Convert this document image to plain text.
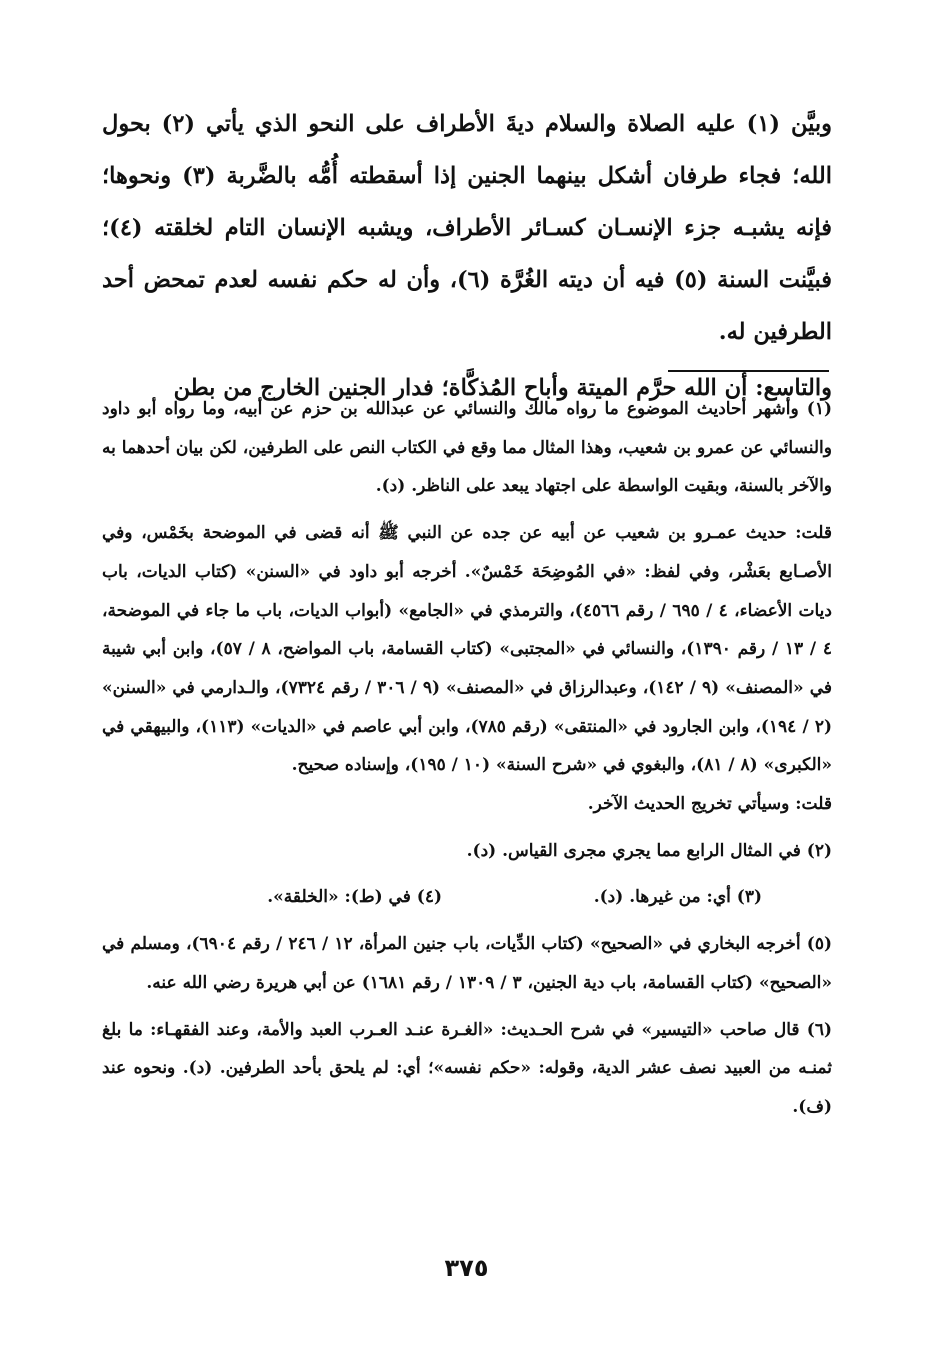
وبيَّن (١) عليه الصلاة والسلام ديةَ الأطراف على النحو الذي يأتي (٢) بحول الله؛ فجاء طرفان أشكل بينهما الجنين إذا أسقطته أُمُّه بالضَّربة (٣) ونحوها؛ فإنه يشبـه جزء الإنسـان كسـائر الأطراف، ويشبه الإنسان التام لخلقته (٤)؛ فبيَّنت السنة (٥) فيه أن ديته الغُرَّة (٦)، وأن له حكم نفسه لعدم تمحض أحد الطرفين له.

والتاسع: أن الله حرَّم الميتة وأباح المُذكَّاة؛ فدار الجنين الخارج من بطن

(١) وأشهر أحاديث الموضوع ما رواه مالك والنسائي عن عبدالله بن حزم عن أبيه، وما رواه أبو داود والنسائي عن عمرو بن شعيب، وهذا المثال مما وقع في الكتاب النص على الطرفين، لكن بيان أحدهما به والآخر بالسنة، وبقيت الواسطة على اجتهاد يبعد على الناظر. (د).

قلت: حديث عمـرو بن شعيب عن أبيه عن جده عن النبي ﷺ أنه قضى في الموضحة بخَمْس، وفي الأصـابع بعَشْر، وفي لفظ: «في المُوضِحَة خَمْسٌ». أخرجه أبو داود في «السنن» (كتاب الديات، باب ديات الأعضاء، ٤ / ٦٩٥ / رقم ٤٥٦٦)، والترمذي في «الجامع» (أبواب الديات، باب ما جاء في الموضحة، ٤ / ١٣ / رقم ١٣٩٠)، والنسائي في «المجتبى» (كتاب القسامة، باب المواضح، ٨ / ٥٧)، وابن أبي شيبة في «المصنف» (٩ / ١٤٢)، وعبدالرزاق في «المصنف» (٩ / ٣٠٦ / رقم ٧٣٢٤)، والـدارمي في «السنن» (٢ / ١٩٤)، وابن الجارود في «المنتقى» (رقم ٧٨٥)، وابن أبي عاصم في «الديات» (١١٣)، والبيهقي في «الكبرى» (٨ / ٨١)، والبغوي في «شرح السنة» (١٠ / ١٩٥)، وإسناده صحيح.

قلت: وسيأتي تخريج الحديث الآخر.

(٢) في المثال الرابع مما يجري مجرى القياس. (د).

(٣) أي: من غيرها. (د).
(٤) في (ط): «الخلقة».

(٥) أخرجه البخاري في «الصحيح» (كتاب الدِّيات، باب جنين المرأة، ١٢ / ٢٤٦ / رقم ٦٩٠٤)، ومسلم في «الصحيح» (كتاب القسامة، باب دية الجنين، ٣ / ١٣٠٩ / رقم ١٦٨١) عن أبي هريرة رضي الله عنه.

(٦) قال صاحب «التيسير» في شرح الحـديث: «الغـرة عنـد العـرب العبد والأمة، وعند الفقهـاء: ما بلغ ثمنـه من العبيد نصف عشر الدية، وقوله: «حكم نفسه»؛ أي: لم يلحق بأحد الطرفين. (د). ونحوه عند (ف).

٣٧٥
